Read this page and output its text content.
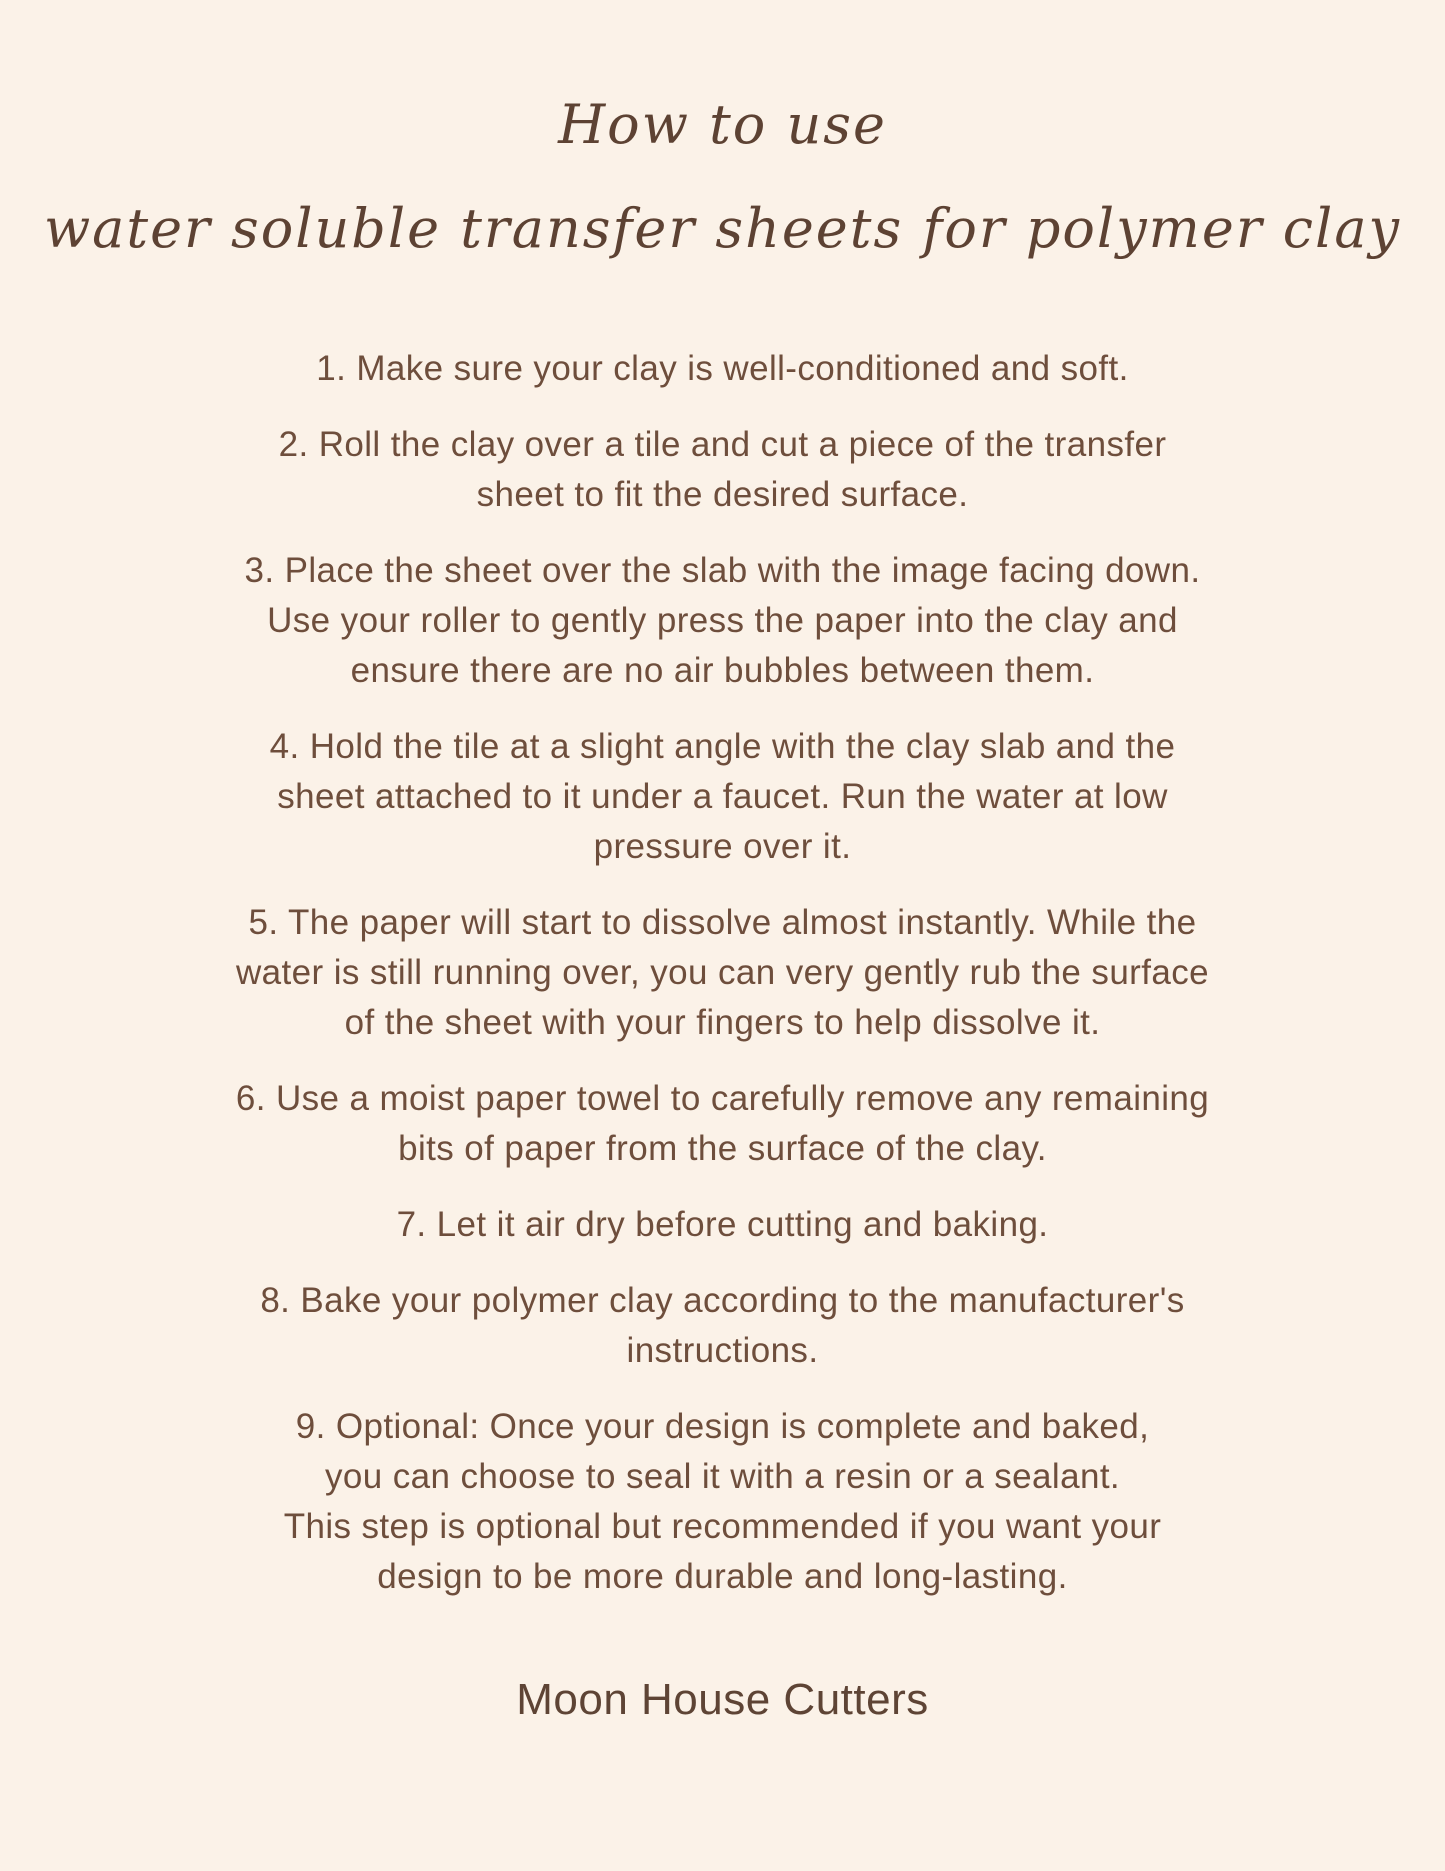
How to use
water soluble transfer sheets for polymer clay
1. Make sure your clay is well-conditioned and soft.
2. Roll the clay over a tile and cut a piece of the transfer
sheet to fit the desired surface.
3. Place the sheet over the slab with the image facing down.
Use your roller to gently press the paper into the clay and
ensure there are no air bubbles between them.
4. Hold the tile at a slight angle with the clay slab and the
sheet attached to it under a faucet. Run the water at low
pressure over it.
5. The paper will start to dissolve almost instantly. While the
water is still running over, you can very gently rub the surface
of the sheet with your fingers to help dissolve it.
6. Use a moist paper towel to carefully remove any remaining
bits of paper from the surface of the clay.
7. Let it air dry before cutting and baking.
8. Bake your polymer clay according to the manufacturer's
instructions.
9. Optional: Once your design is complete and baked,
you can choose to seal it with a resin or a sealant.
This step is optional but recommended if you want your
design to be more durable and long-lasting.
Moon House Cutters
